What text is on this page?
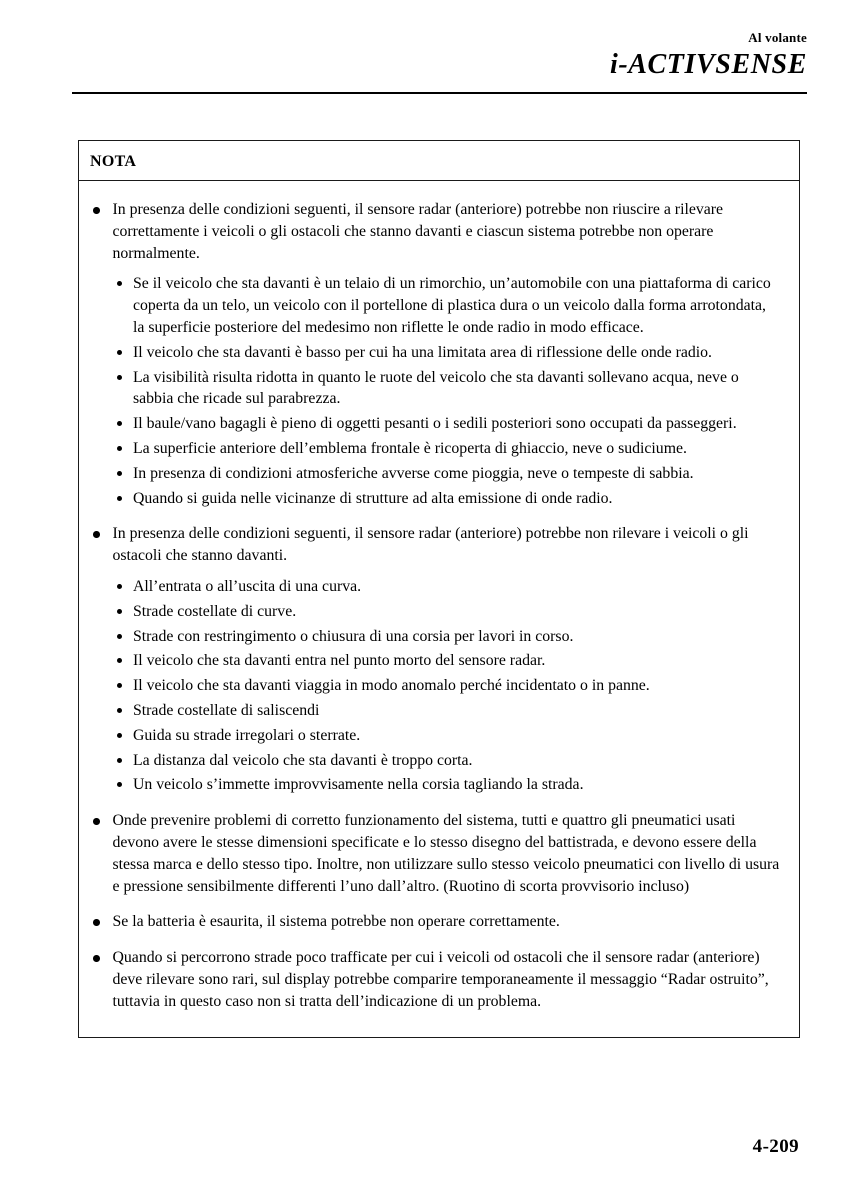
Al volante
i-ACTIVSENSE
NOTA
In presenza delle condizioni seguenti, il sensore radar (anteriore) potrebbe non riuscire a rilevare correttamente i veicoli o gli ostacoli che stanno davanti e ciascun sistema potrebbe non operare normalmente.
Se il veicolo che sta davanti è un telaio di un rimorchio, un’automobile con una piattaforma di carico coperta da un telo, un veicolo con il portellone di plastica dura o un veicolo dalla forma arrotondata, la superficie posteriore del medesimo non riflette le onde radio in modo efficace.
Il veicolo che sta davanti è basso per cui ha una limitata area di riflessione delle onde radio.
La visibilità risulta ridotta in quanto le ruote del veicolo che sta davanti sollevano acqua, neve o sabbia che ricade sul parabrezza.
Il baule/vano bagagli è pieno di oggetti pesanti o i sedili posteriori sono occupati da passeggeri.
La superficie anteriore dell’emblema frontale è ricoperta di ghiaccio, neve o sudiciume.
In presenza di condizioni atmosferiche avverse come pioggia, neve o tempeste di sabbia.
Quando si guida nelle vicinanze di strutture ad alta emissione di onde radio.
In presenza delle condizioni seguenti, il sensore radar (anteriore) potrebbe non rilevare i veicoli o gli ostacoli che stanno davanti.
All’entrata o all’uscita di una curva.
Strade costellate di curve.
Strade con restringimento o chiusura di una corsia per lavori in corso.
Il veicolo che sta davanti entra nel punto morto del sensore radar.
Il veicolo che sta davanti viaggia in modo anomalo perché incidentato o in panne.
Strade costellate di saliscendi
Guida su strade irregolari o sterrate.
La distanza dal veicolo che sta davanti è troppo corta.
Un veicolo s’immette improvvisamente nella corsia tagliando la strada.
Onde prevenire problemi di corretto funzionamento del sistema, tutti e quattro gli pneumatici usati devono avere le stesse dimensioni specificate e lo stesso disegno del battistrada, e devono essere della stessa marca e dello stesso tipo. Inoltre, non utilizzare sullo stesso veicolo pneumatici con livello di usura e pressione sensibilmente differenti l’uno dall’altro. (Ruotino di scorta provvisorio incluso)
Se la batteria è esaurita, il sistema potrebbe non operare correttamente.
Quando si percorrono strade poco trafficate per cui i veicoli od ostacoli che il sensore radar (anteriore) deve rilevare sono rari, sul display potrebbe comparire temporaneamente il messaggio “Radar ostruito”, tuttavia in questo caso non si tratta dell’indicazione di un problema.
4-209
